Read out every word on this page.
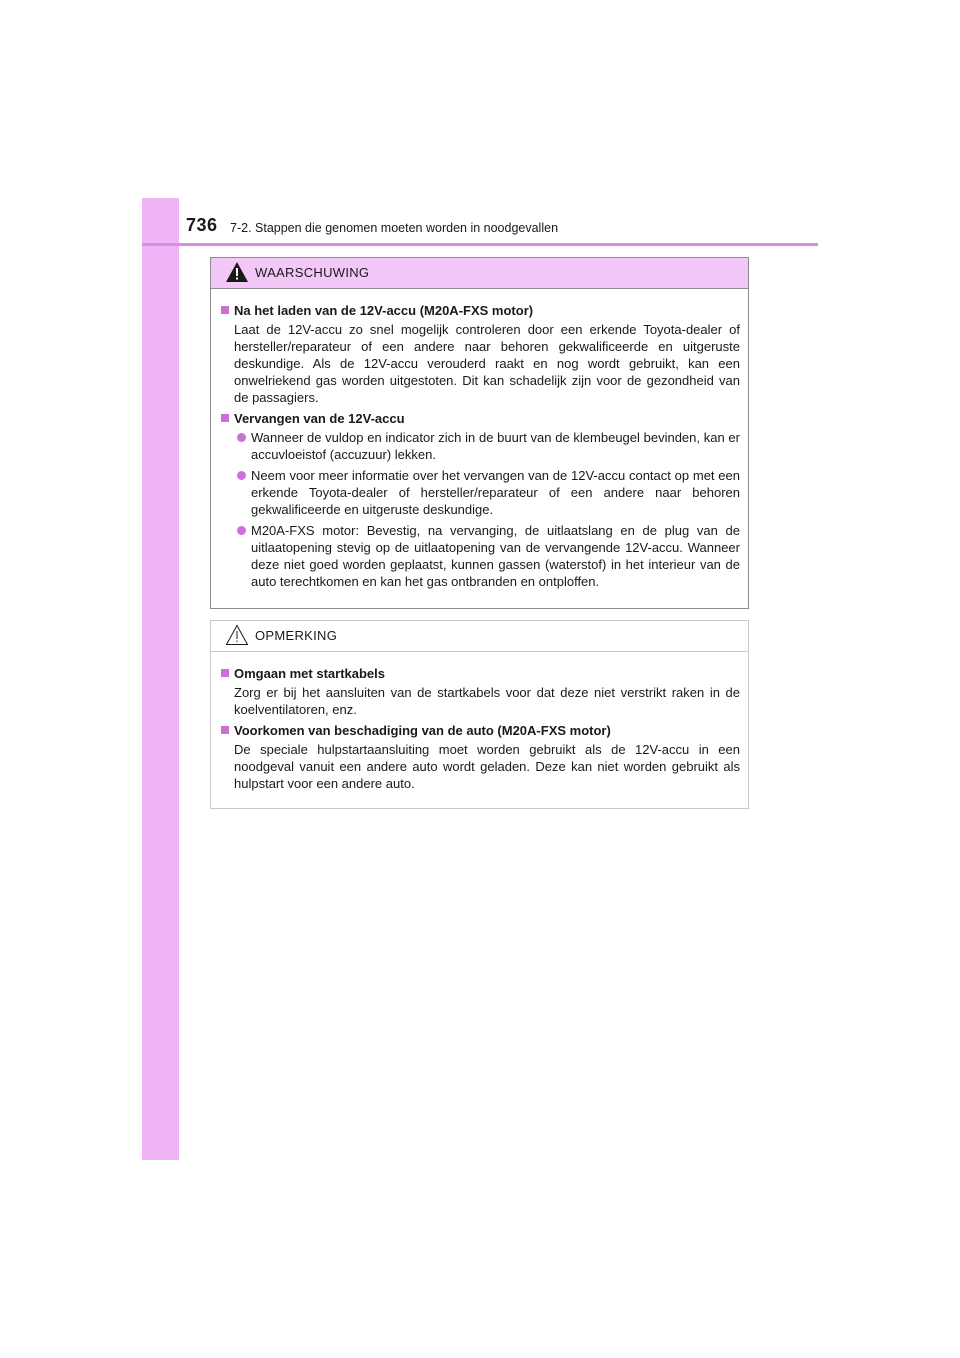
736 7-2. Stappen die genomen moeten worden in noodgevallen
WAARSCHUWING
Na het laden van de 12V-accu (M20A-FXS motor)
Laat de 12V-accu zo snel mogelijk controleren door een erkende Toyota-dealer of hersteller/reparateur of een andere naar behoren gekwalificeerde en uitgeruste deskundige. Als de 12V-accu verouderd raakt en nog wordt gebruikt, kan een onwelriekend gas worden uitgestoten. Dit kan schadelijk zijn voor de gezondheid van de passagiers.
Vervangen van de 12V-accu
Wanneer de vuldop en indicator zich in de buurt van de klembeugel bevinden, kan er accuvloeistof (accuzuur) lekken.
Neem voor meer informatie over het vervangen van de 12V-accu contact op met een erkende Toyota-dealer of hersteller/reparateur of een andere naar behoren gekwalificeerde en uitgeruste deskundige.
M20A-FXS motor: Bevestig, na vervanging, de uitlaatslang en de plug van de uitlaatopening stevig op de uitlaatopening van de vervangende 12V-accu. Wanneer deze niet goed worden geplaatst, kunnen gassen (waterstof) in het interieur van de auto terechtkomen en kan het gas ontbranden en ontploffen.
OPMERKING
Omgaan met startkabels
Zorg er bij het aansluiten van de startkabels voor dat deze niet verstrikt raken in de koelventilatoren, enz.
Voorkomen van beschadiging van de auto (M20A-FXS motor)
De speciale hulpstartaansluiting moet worden gebruikt als de 12V-accu in een noodgeval vanuit een andere auto wordt geladen. Deze kan niet worden gebruikt als hulpstart voor een andere auto.
